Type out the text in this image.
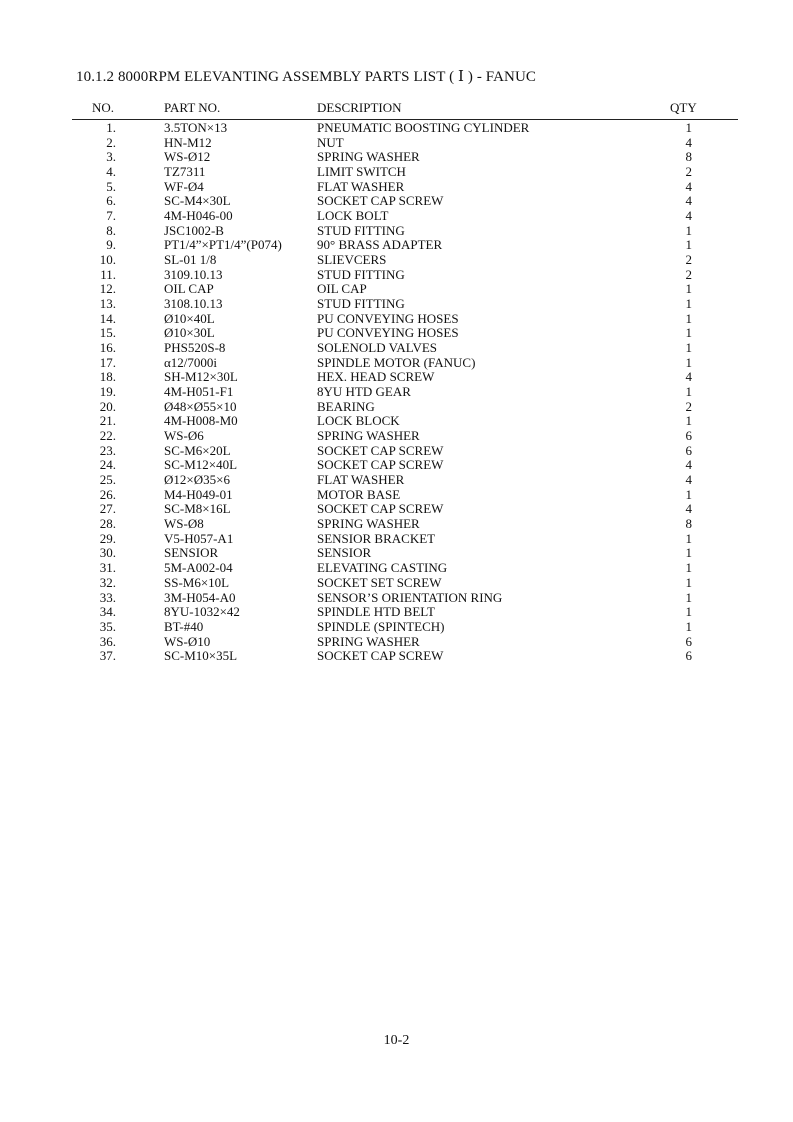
10.1.2 8000RPM ELEVANTING ASSEMBLY PARTS LIST ( Ⅰ ) - FANUC
NO.	PART NO.	DESCRIPTION	QTY
1.	3.5TON×13	PNEUMATIC BOOSTING CYLINDER	1
2.	HN-M12	NUT	4
3.	WS-Ø12	SPRING WASHER	8
4.	TZ7311	LIMIT SWITCH	2
5.	WF-Ø4	FLAT WASHER	4
6.	SC-M4×30L	SOCKET CAP SCREW	4
7.	4M-H046-00	LOCK BOLT	4
8.	JSC1002-B	STUD FITTING	1
9.	PT1/4”×PT1/4”(P074)	90° BRASS ADAPTER	1
10.	SL-01 1/8	SLIEVCERS	2
11.	3109.10.13	STUD FITTING	2
12.	OIL CAP	OIL CAP	1
13.	3108.10.13	STUD FITTING	1
14.	Ø10×40L	PU CONVEYING HOSES	1
15.	Ø10×30L	PU CONVEYING HOSES	1
16.	PHS520S-8	SOLENOLD VALVES	1
17.	α12/7000i	SPINDLE MOTOR (FANUC)	1
18.	SH-M12×30L	HEX. HEAD SCREW	4
19.	4M-H051-F1	8YU HTD GEAR	1
20.	Ø48×Ø55×10	BEARING	2
21.	4M-H008-M0	LOCK BLOCK	1
22.	WS-Ø6	SPRING WASHER	6
23.	SC-M6×20L	SOCKET CAP SCREW	6
24.	SC-M12×40L	SOCKET CAP SCREW	4
25.	Ø12×Ø35×6	FLAT WASHER	4
26.	M4-H049-01	MOTOR BASE	1
27.	SC-M8×16L	SOCKET CAP SCREW	4
28.	WS-Ø8	SPRING WASHER	8
29.	V5-H057-A1	SENSIOR BRACKET	1
30.	SENSIOR	SENSIOR	1
31.	5M-A002-04	ELEVATING CASTING	1
32.	SS-M6×10L	SOCKET SET SCREW	1
33.	3M-H054-A0	SENSOR’S ORIENTATION RING	1
34.	8YU-1032×42	SPINDLE HTD BELT	1
35.	BT-#40	SPINDLE (SPINTECH)	1
36.	WS-Ø10	SPRING WASHER	6
37.	SC-M10×35L	SOCKET CAP SCREW	6
10-2
